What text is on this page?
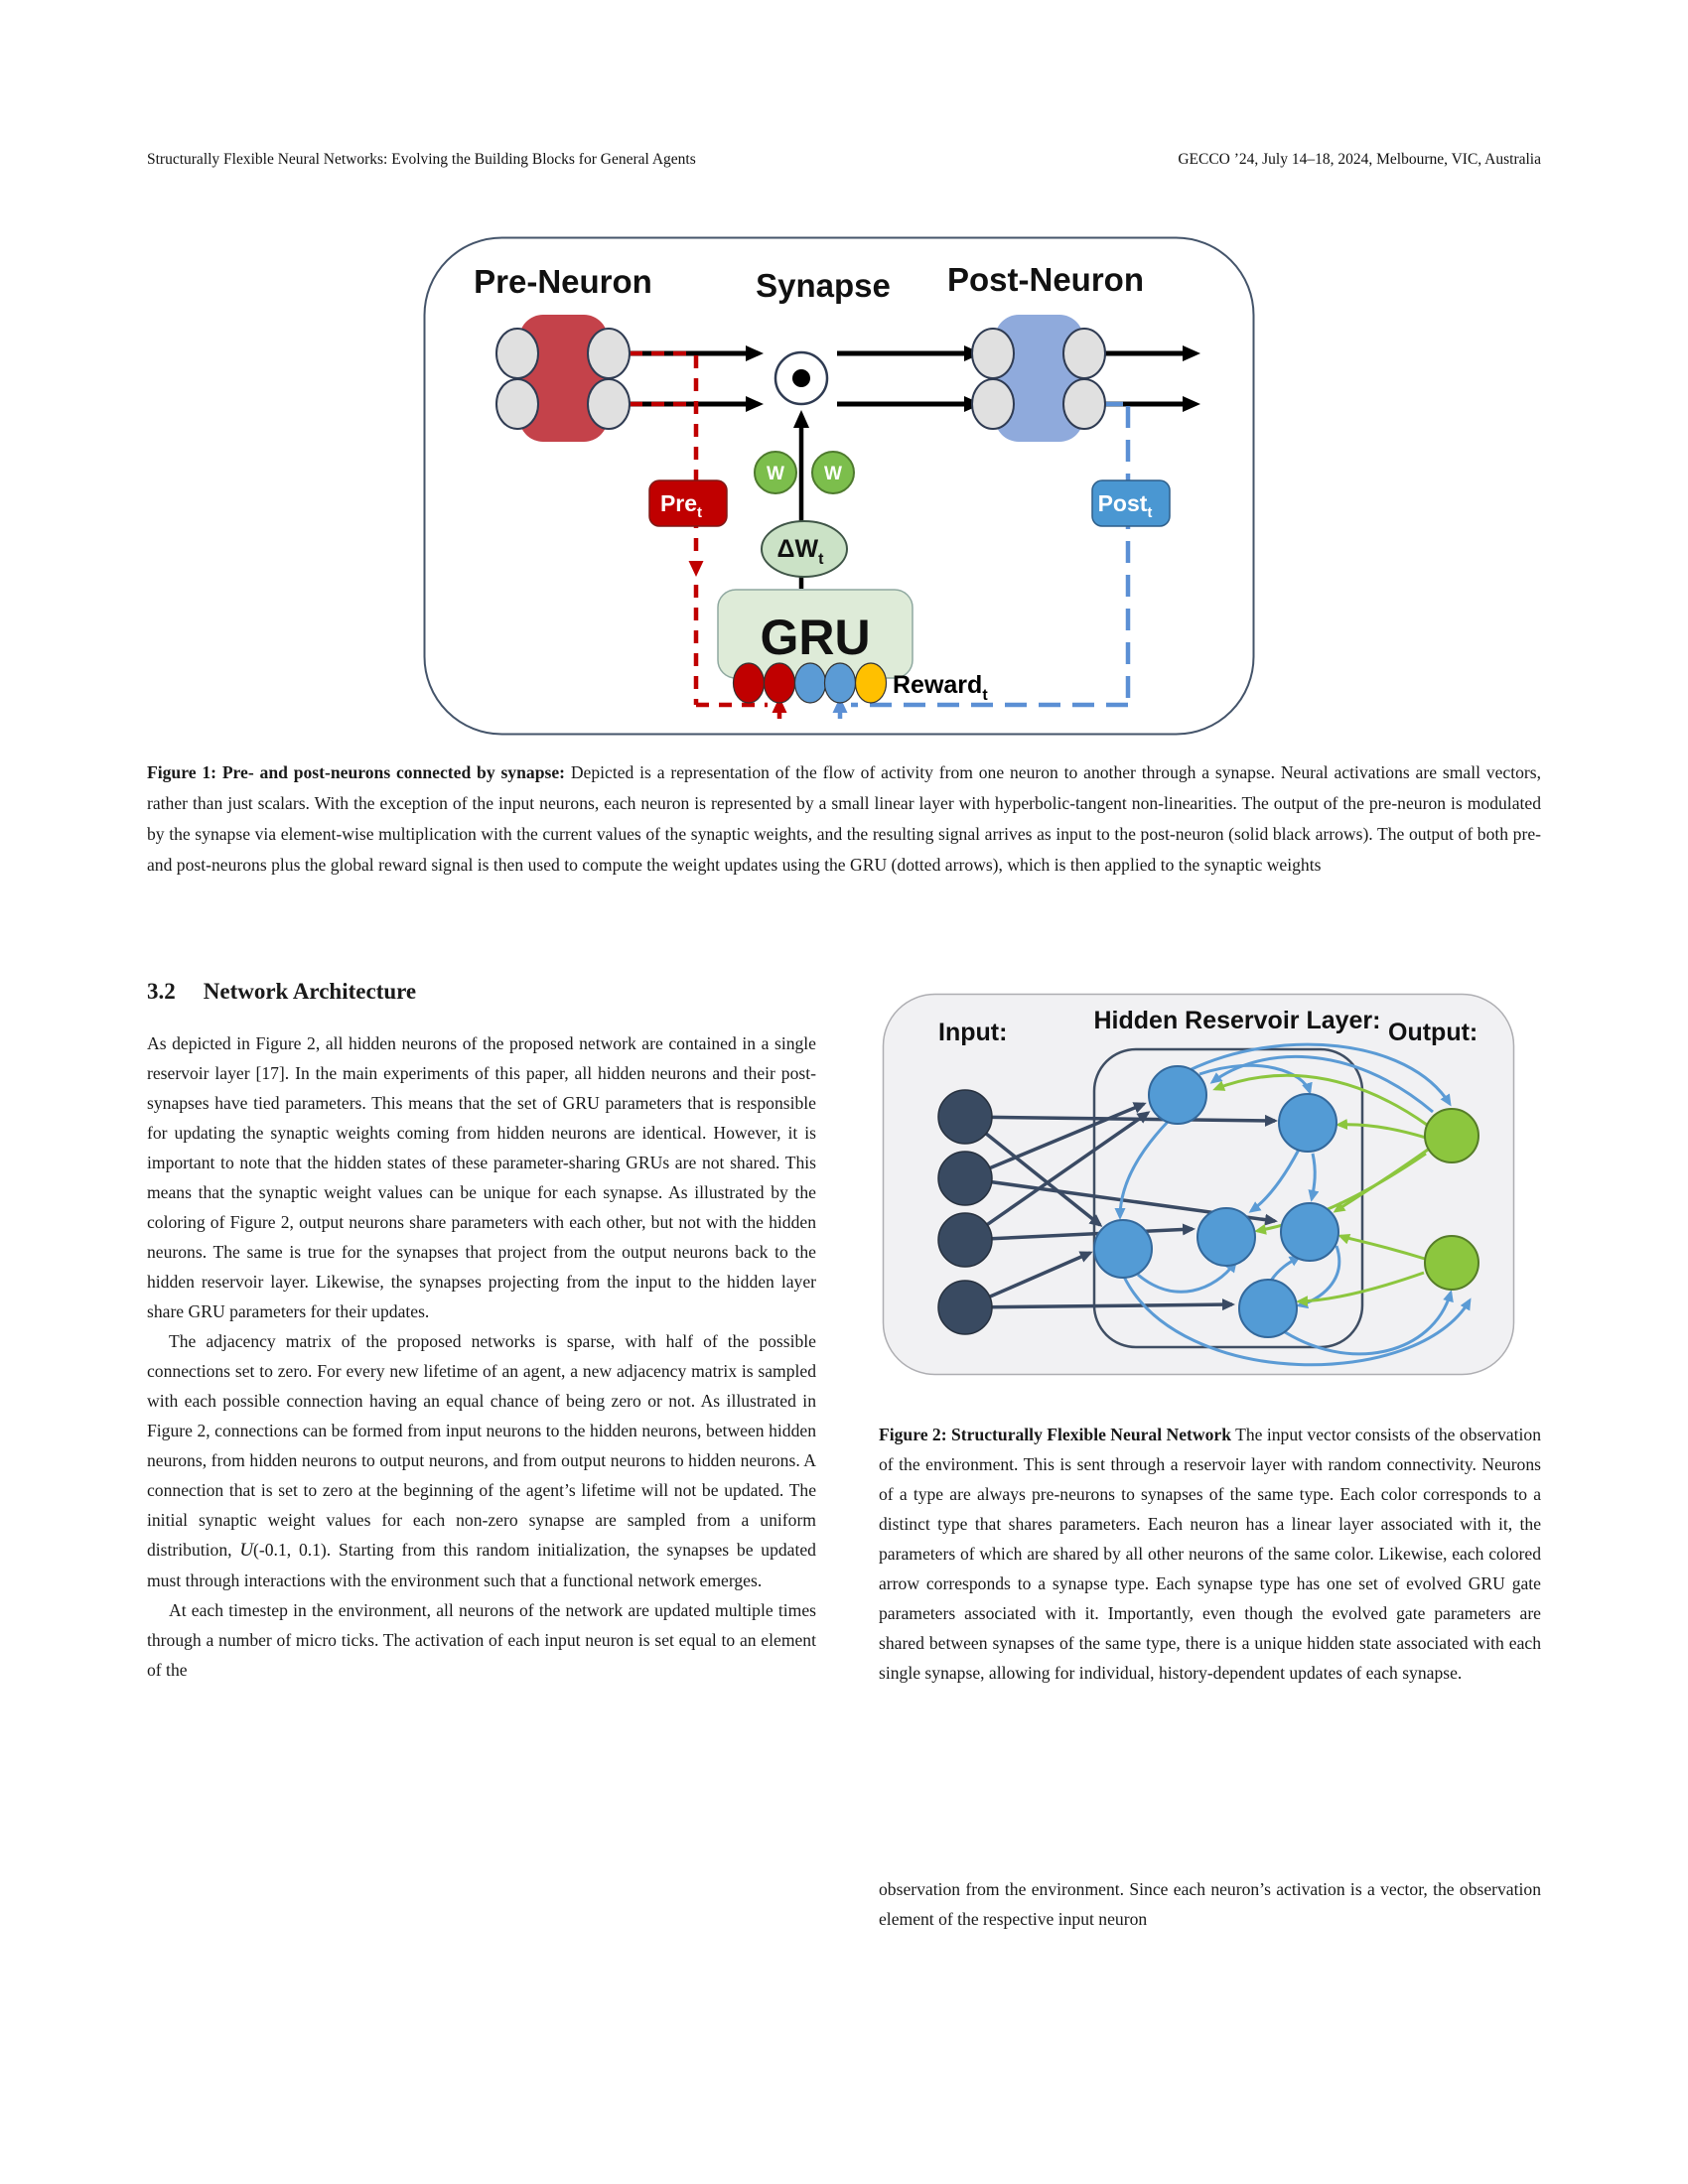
Structurally Flexible Neural Networks: Evolving the Building Blocks for General Agents	GECCO ’24, July 14–18, 2024, Melbourne, VIC, Australia
Pre-Neuron	Synapse Post-Neuron
W W
Pre$_t$	Post$_t$
$\Delta W_t$
GRU
Reward$_t$
Figure 1: Pre- and post-neurons connected by synapse: Depicted is a representation of the flow of activity from one neuron to another through a synapse. Neural activations are small vectors, rather than just scalars. With the exception of the input neurons, each neuron is represented by a small linear layer with hyperbolic-tangent non-linearities. The output of the pre-neuron is modulated by the synapse via element-wise multiplication with the current values of the synaptic weights, and the resulting signal arrives as input to the post-neuron (solid black arrows). The output of both pre- and post-neurons plus the global reward signal is then used to compute the weight updates using the GRU (dotted arrows), which is then applied to the synaptic weights
3.2 Network Architecture

As depicted in Figure 2, all hidden neurons of the proposed network are contained in a single reservoir layer [17]. In the main experiments of this paper, all hidden neurons and their post-synapses have tied parameters. This means that the set of GRU parameters that is responsible for updating the synaptic weights coming from hidden neurons are identical. However, it is important to note that the hidden states of these parameter-sharing GRUs are not shared. This means that the synaptic weight values can be unique for each synapse. As illustrated by the coloring of Figure 2, output neurons share parameters with each other, but not with the hidden neurons. The same is true for the synapses that project from the output neurons back to the hidden reservoir layer. Likewise, the synapses projecting from the input to the hidden layer share GRU parameters for their updates.

The adjacency matrix of the proposed networks is sparse, with half of the possible connections set to zero. For every new lifetime of an agent, a new adjacency matrix is sampled with each possible connection having an equal chance of being zero or not. As illustrated in Figure 2, connections can be formed from input neurons to the hidden neurons, between hidden neurons, from hidden neurons to output neurons, and from output neurons to hidden neurons. A connection that is set to zero at the beginning of the agent’s lifetime will not be updated. The initial synaptic weight values for each non-zero synapse are sampled from a uniform distribution, U(-0.1, 0.1). Starting from this random initialization, the synapses be updated must through interactions with the environment such that a functional network emerges.

At each timestep in the environment, all neurons of the network are updated multiple times through a number of micro ticks. The activation of each input neuron is set equal to an element of the

Input:	Hidden Reservoir Layer: Output:
Figure 2: Structurally Flexible Neural Network The input vector consists of the observation of the environment. This is sent through a reservoir layer with random connectivity. Neurons of a type are always pre-neurons to synapses of the same type. Each color corresponds to a distinct type that shares parameters. Each neuron has a linear layer associated with it, the parameters of which are shared by all other neurons of the same color. Likewise, each colored arrow corresponds to a synapse type. Each synapse type has one set of evolved GRU gate parameters associated with it. Importantly, even though the evolved gate parameters are shared between synapses of the same type, there is a unique hidden state associated with each single synapse, allowing for individual, history-dependent updates of each synapse.

observation from the environment. Since each neuron’s activation is a vector, the observation element of the respective input neuron
